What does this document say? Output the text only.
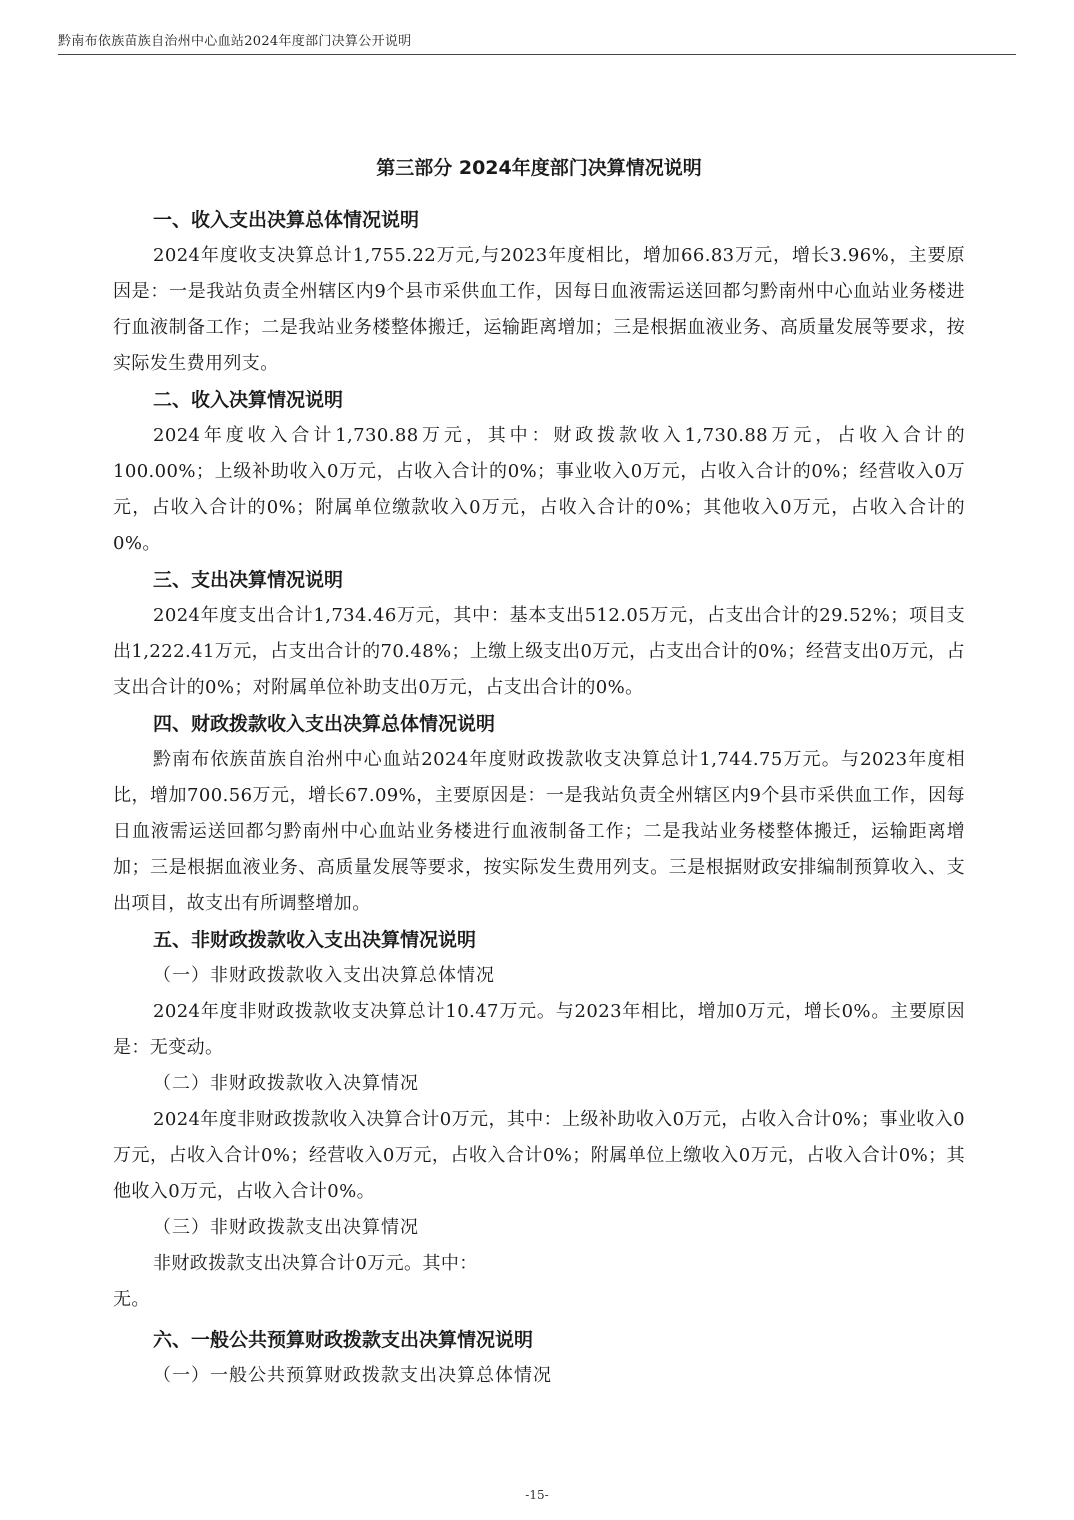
黔南布依族苗族自治州中心血站2024年度部门决算公开说明
第三部分 2024年度部门决算情况说明
一、收入支出决算总体情况说明

2024年度收支决算总计1,755.22万元,与2023年度相比，增加66.83万元，增长3.96%，主要原因是：一是我站负责全州辖区内9个县市采供血工作，因每日血液需运送回都匀黔南州中心血站业务楼进行血液制备工作；二是我站业务楼整体搬迁，运输距离增加；三是根据血液业务、高质量发展等要求，按实际发生费用列支。

二、收入决算情况说明

2024年度收入合计1,730.88万元，其中：财政拨款收入1,730.88万元，占收入合计的100.00%；上级补助收入0万元，占收入合计的0%；事业收入0万元，占收入合计的0%；经营收入0万元，占收入合计的0%；附属单位缴款收入0万元，占收入合计的0%；其他收入0万元，占收入合计的0%。

三、支出决算情况说明

2024年度支出合计1,734.46万元，其中：基本支出512.05万元，占支出合计的29.52%；项目支出1,222.41万元，占支出合计的70.48%；上缴上级支出0万元，占支出合计的0%；经营支出0万元，占支出合计的0%；对附属单位补助支出0万元，占支出合计的0%。

四、财政拨款收入支出决算总体情况说明

黔南布依族苗族自治州中心血站2024年度财政拨款收支决算总计1,744.75万元。与2023年度相比，增加700.56万元，增长67.09%，主要原因是：一是我站负责全州辖区内9个县市采供血工作，因每日血液需运送回都匀黔南州中心血站业务楼进行血液制备工作；二是我站业务楼整体搬迁，运输距离增加；三是根据血液业务、高质量发展等要求，按实际发生费用列支。三是根据财政安排编制预算收入、支出项目，故支出有所调整增加。

五、非财政拨款收入支出决算情况说明
（一）非财政拨款收入支出决算总体情况

2024年度非财政拨款收支决算总计10.47万元。与2023年相比，增加0万元，增长0%。主要原因是：无变动。

（二）非财政拨款收入决算情况

2024年度非财政拨款收入决算合计0万元，其中：上级补助收入0万元，占收入合计0%；事业收入0万元，占收入合计0%；经营收入0万元，占收入合计0%；附属单位上缴收入0万元，占收入合计0%；其他收入0万元，占收入合计0%。

（三）非财政拨款支出决算情况

非财政拨款支出决算合计0万元。其中：

无。

六、一般公共预算财政拨款支出决算情况说明
（一）一般公共预算财政拨款支出决算总体情况
-15-
